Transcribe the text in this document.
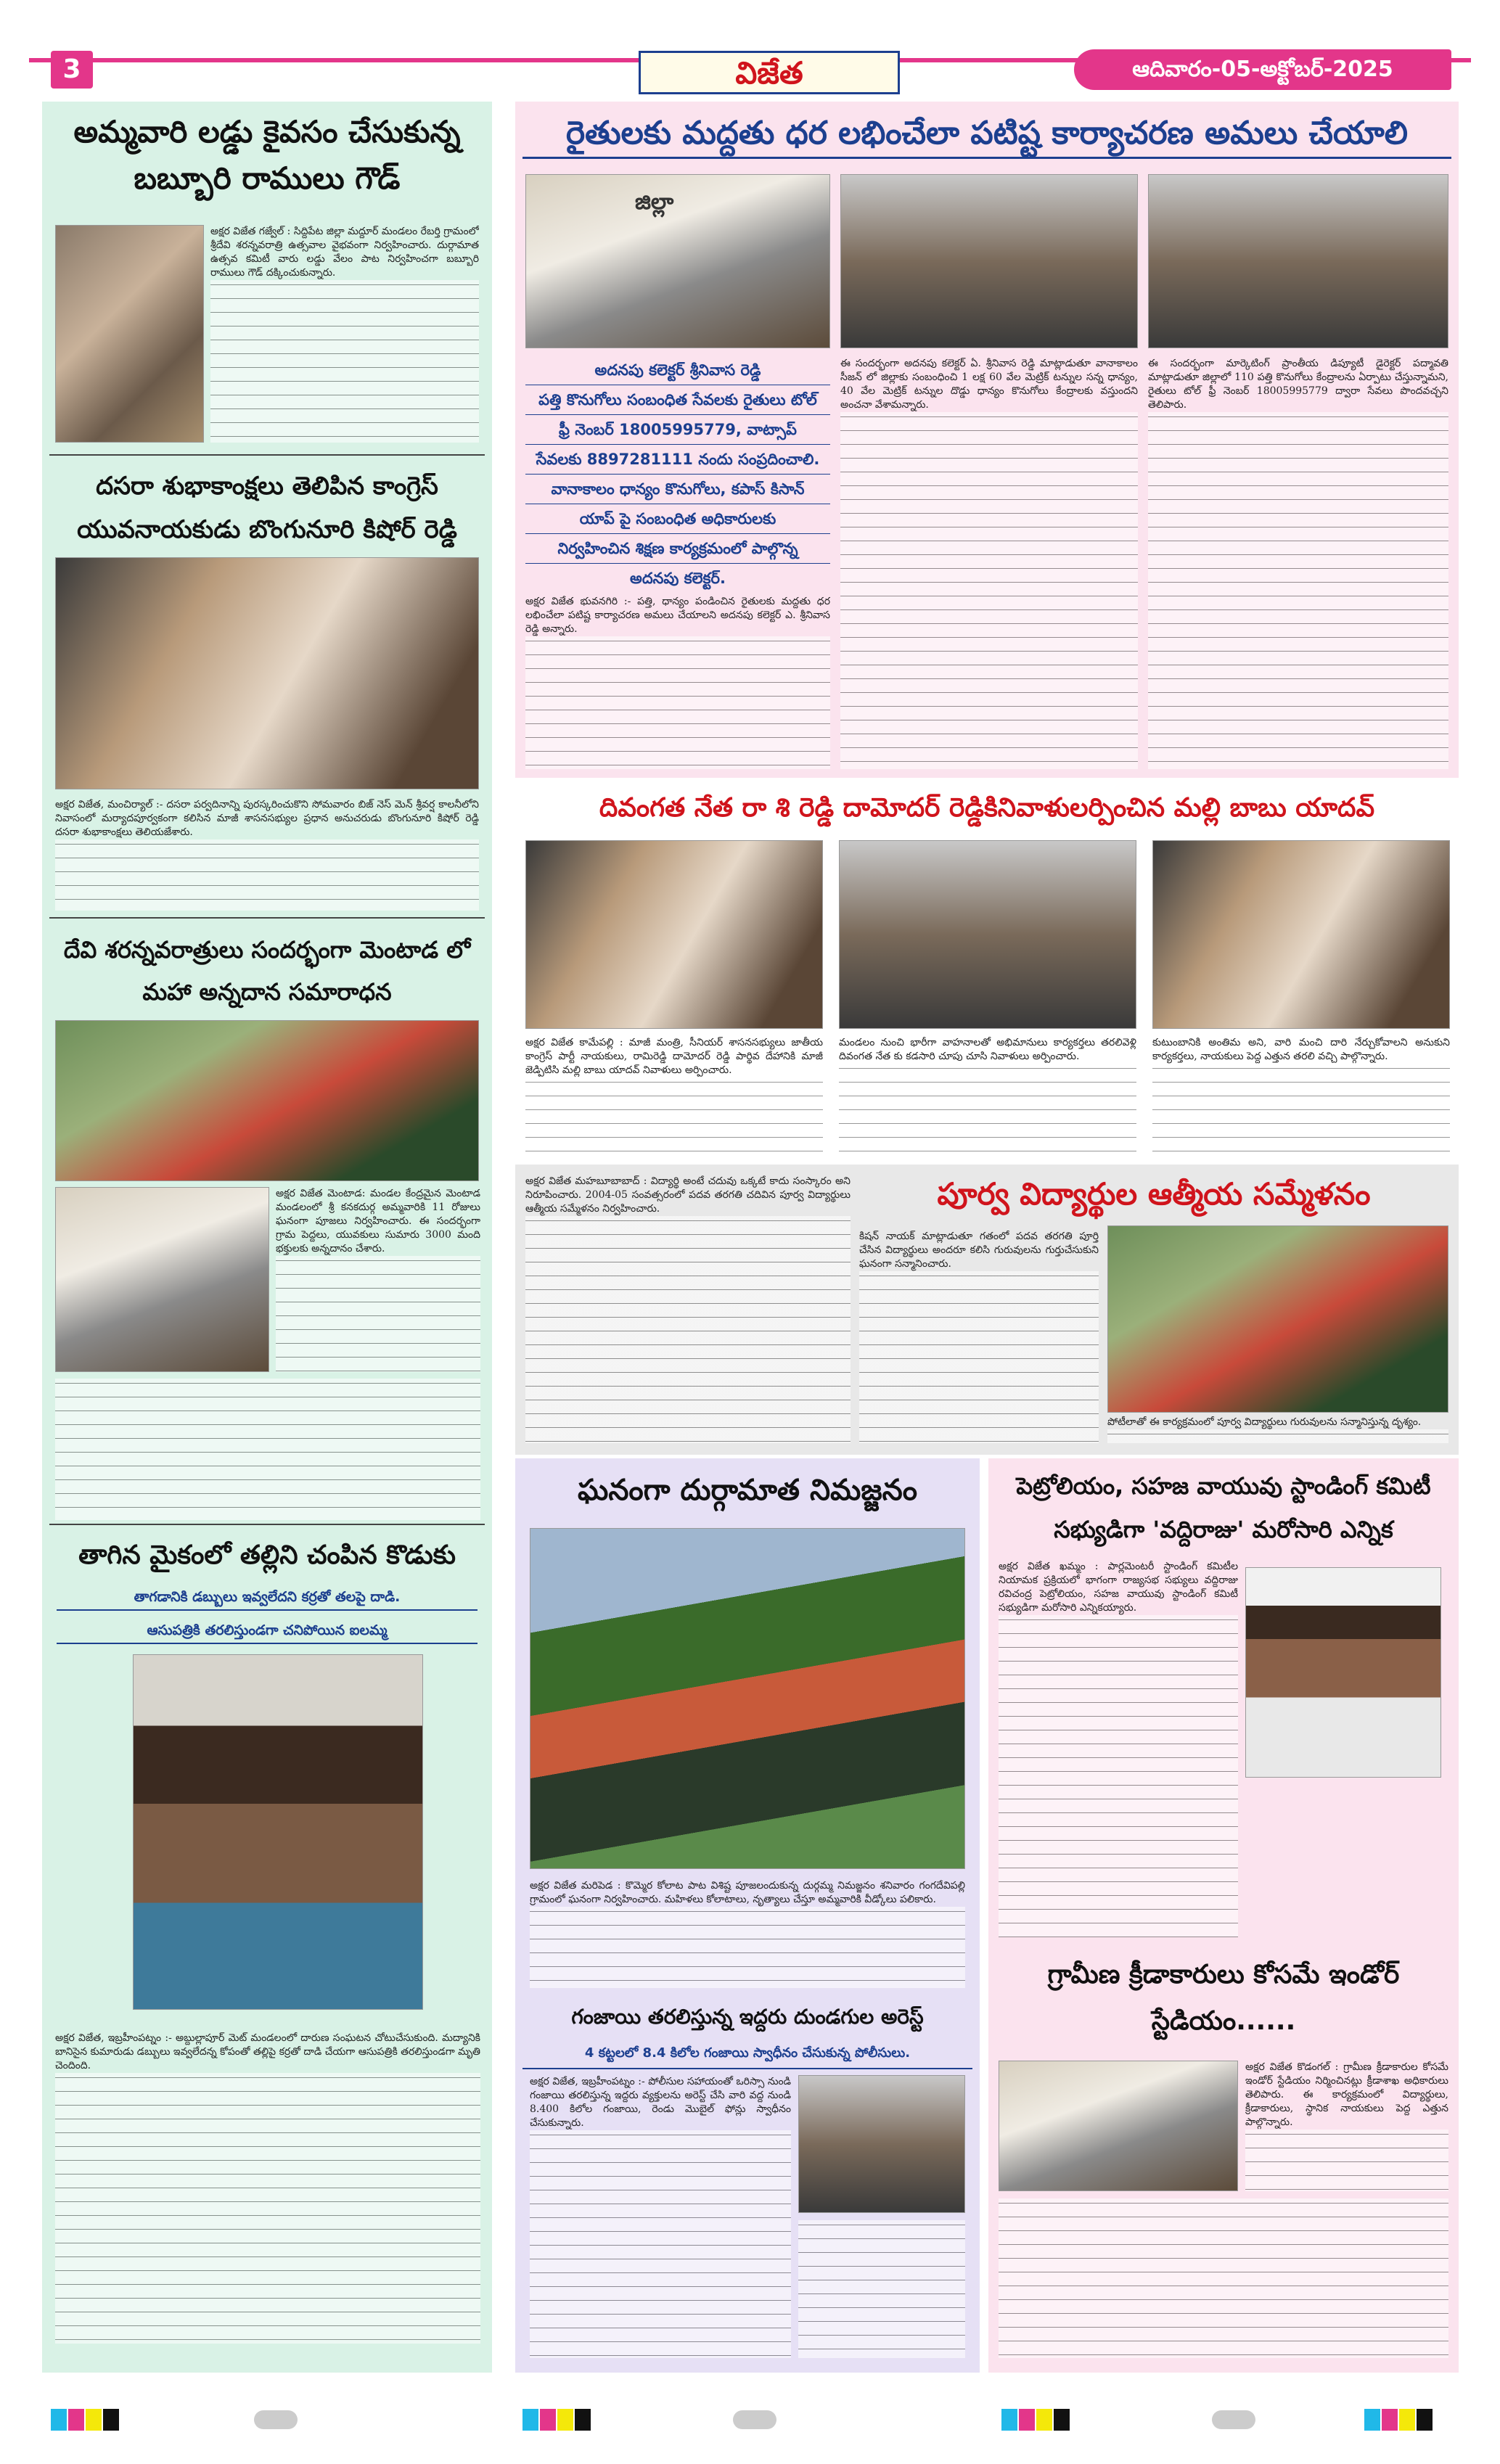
3	విజేత	ఆదివారం-05-అక్టోబర్-2025
అమ్మవారి లడ్డు కైవసం చేసుకున్న బబ్బూరి రాములు గౌడ్
అక్షర విజేత గజ్వేల్ : సిద్దిపేట జిల్లా మద్దూర్ మండలం రేబర్తి గ్రామంలో శ్రీదేవి శరన్నవరాత్రి ఉత్సవాల వైభవంగా నిర్వహించారు. దుర్గామాత ఉత్సవ కమిటీ వారు లడ్డు వేలం పాట నిర్వహించగా బబ్బూరి రాములు గౌడ్ దక్కించుకున్నారు.
దసరా శుభాకాంక్షలు తెలిపిన కాంగ్రెస్ యువనాయకుడు బొంగునూరి కిషోర్ రెడ్డి
అక్షర విజేత, మంచిర్యాల్ :- దసరా పర్వదినాన్ని పురస్కరించుకొని సోమవారం బిజ్ నెస్ మెన్ శ్రీవర్ష కాలనీలోని నివాసంలో మర్యాదపూర్వకంగా కలిసిన మాజీ శాసనసభ్యుల ప్రధాన అనుచరుడు బొంగునూరి కిషోర్ రెడ్డి దసరా శుభాకాంక్షలు తెలియజేశారు.
దేవి శరన్నవరాత్రులు సందర్భంగా మెంటాడ లో మహా అన్నదాన సమారాధన
అక్షర విజేత మెంటాడ: మండల కేంద్రమైన మెంటాడ మండలంలో శ్రీ కనకదుర్గ అమ్మవారికి 11 రోజులు ఘనంగా పూజలు నిర్వహించారు. ఈ సందర్భంగా గ్రామ పెద్దలు, యువకులు సుమారు 3000 మంది భక్తులకు అన్నదానం చేశారు.
తాగిన మైకంలో తల్లిని చంపిన కొడుకు
తాగడానికి డబ్బులు ఇవ్వలేదని కర్రతో తలపై దాడి.
ఆసుపత్రికి తరలిస్తుండగా చనిపోయిన ఐలమ్మ
అక్షర విజేత, ఇబ్రహీంపట్నం :- అబ్దుల్లాపూర్ మెట్ మండలంలో దారుణ సంఘటన చోటుచేసుకుంది. మద్యానికి బానిసైన కుమారుడు డబ్బులు ఇవ్వలేదన్న కోపంతో తల్లిపై కర్రతో దాడి చేయగా ఆసుపత్రికి తరలిస్తుండగా మృతి చెందింది.
రైతులకు మద్దతు ధర లభించేలా పటిష్ట కార్యాచరణ అమలు చేయాలి
జిల్లా
అదనపు కలెక్టర్ శ్రీనివాస రెడ్డి
పత్తి కొనుగోలు సంబంధిత సేవలకు రైతులు టోల్
ఫ్రీ నెంబర్ 18005995779, వాట్సాప్
సేవలకు 8897281111 నందు సంప్రదించాలి.
వానాకాలం ధాన్యం కొనుగోలు, కపాస్ కిసాన్
యాప్ పై సంబంధిత అధికారులకు
నిర్వహించిన శిక్షణ కార్యక్రమంలో పాల్గొన్న
అదనపు కలెక్టర్.
అక్షర విజేత భువనగిరి :- పత్తి, ధాన్యం పండించిన రైతులకు మద్దతు ధర లభించేలా పటిష్ట కార్యాచరణ అమలు చేయాలని అదనపు కలెక్టర్ ఎ. శ్రీనివాస రెడ్డి అన్నారు.
ఈ సందర్భంగా అదనపు కలెక్టర్ ఏ. శ్రీనివాస రెడ్డి మాట్లాడుతూ వానాకాలం సీజన్ లో జిల్లాకు సంబంధించి 1 లక్ష 60 వేల మెట్రిక్ టన్నుల సన్న ధాన్యం, 40 వేల మెట్రిక్ టన్నుల దొడ్డు ధాన్యం కొనుగోలు కేంద్రాలకు వస్తుందని అంచనా వేశామన్నారు.
ఈ సందర్భంగా మార్కెటింగ్ ప్రాంతీయ డిప్యూటీ డైరెక్టర్ పద్మావతి మాట్లాడుతూ జిల్లాలో 110 పత్తి కొనుగోలు కేంద్రాలను ఏర్పాటు చేస్తున్నామని, రైతులు టోల్ ఫ్రీ నెంబర్ 18005995779 ద్వారా సేవలు పొందవచ్చని తెలిపారు.
దివంగత నేత రా శి రెడ్డి దామోదర్ రెడ్డికినివాళులర్పించిన మల్లి బాబు యాదవ్
అక్షర విజేత కామేపల్లి : మాజీ మంత్రి, సీనియర్ శాసనసభ్యులు జాతీయ కాంగ్రెస్ పార్టీ నాయకులు, రామిరెడ్డి దామోదర్ రెడ్డి పార్థివ దేహానికి మాజీ జెడ్పిటిసి మల్లి బాబు యాదవ్ నివాళులు అర్పించారు.
మండలం నుంచి భారీగా వాహనాలతో అభిమానులు కార్యకర్తలు తరలివెళ్లి దివంగత నేత కు కడసారి చూపు చూసి నివాళులు అర్పించారు.
కుటుంబానికి అంతిమ అని, వారి మంచి దారి నేర్చుకోవాలని అనుకుని కార్యకర్తలు, నాయకులు పెద్ద ఎత్తున తరలి వచ్చి పాల్గొన్నారు.
పూర్వ విద్యార్థుల ఆత్మీయ సమ్మేళనం
అక్షర విజేత మహబూబాబాద్ : విద్యార్థి అంటే చదువు ఒక్కటే కాదు సంస్కారం అని నిరూపించారు. 2004-05 సంవత్సరంలో పదవ తరగతి చదివిన పూర్వ విద్యార్థులు ఆత్మీయ సమ్మేళనం నిర్వహించారు.
కిషన్ నాయక్ మాట్లాడుతూ గతంలో పదవ తరగతి పూర్తి చేసిన విద్యార్థులు అందరూ కలిసి గురువులను గుర్తుచేసుకుని ఘనంగా సన్మానించారు.
పోటీలాతో ఈ కార్యక్రమంలో పూర్వ విద్యార్థులు గురువులను సన్మానిస్తున్న దృశ్యం.
ఘనంగా దుర్గామాత నిమజ్జనం
అక్షర విజేత మరిపెడ : కొమ్మెర కోలాట పాట విశిష్ట పూజలందుకున్న దుర్గమ్మ నిమజ్జనం శనివారం గంగదేవిపల్లి గ్రామంలో ఘనంగా నిర్వహించారు. మహిళలు కోలాటాలు, నృత్యాలు చేస్తూ అమ్మవారికి వీడ్కోలు పలికారు.
గంజాయి తరలిస్తున్న ఇద్దరు దుండగుల అరెస్ట్
4 కట్టలలో 8.4 కిలోల గంజాయి స్వాధీనం చేసుకున్న పోలీసులు.
అక్షర విజేత, ఇబ్రహీంపట్నం :- పోలీసుల సహాయంతో ఒరిస్సా నుండి గంజాయి తరలిస్తున్న ఇద్దరు వ్యక్తులను అరెస్ట్ చేసి వారి వద్ద నుండి 8.400 కిలోల గంజాయి, రెండు మొబైల్ ఫోన్లు స్వాధీనం చేసుకున్నారు.
పెట్రోలియం, సహజ వాయువు స్టాండింగ్ కమిటీ సభ్యుడిగా 'వద్దిరాజు' మరోసారి ఎన్నిక
అక్షర విజేత ఖమ్మం : పార్లమెంటరీ స్టాండింగ్ కమిటీల నియామక ప్రక్రియలో భాగంగా రాజ్యసభ సభ్యులు వద్దిరాజు రవిచంద్ర పెట్రోలియం, సహజ వాయువు స్టాండింగ్ కమిటీ సభ్యుడిగా మరోసారి ఎన్నికయ్యారు.
గ్రామీణ క్రీడాకారులు కోసమే ఇండోర్ స్టేడియం......
అక్షర విజేత కొడంగల్ : గ్రామీణ క్రీడాకారుల కోసమే ఇండోర్ స్టేడియం నిర్మించినట్లు క్రీడాశాఖ అధికారులు తెలిపారు. ఈ కార్యక్రమంలో విద్యార్థులు, క్రీడాకారులు, స్థానిక నాయకులు పెద్ద ఎత్తున పాల్గొన్నారు.
